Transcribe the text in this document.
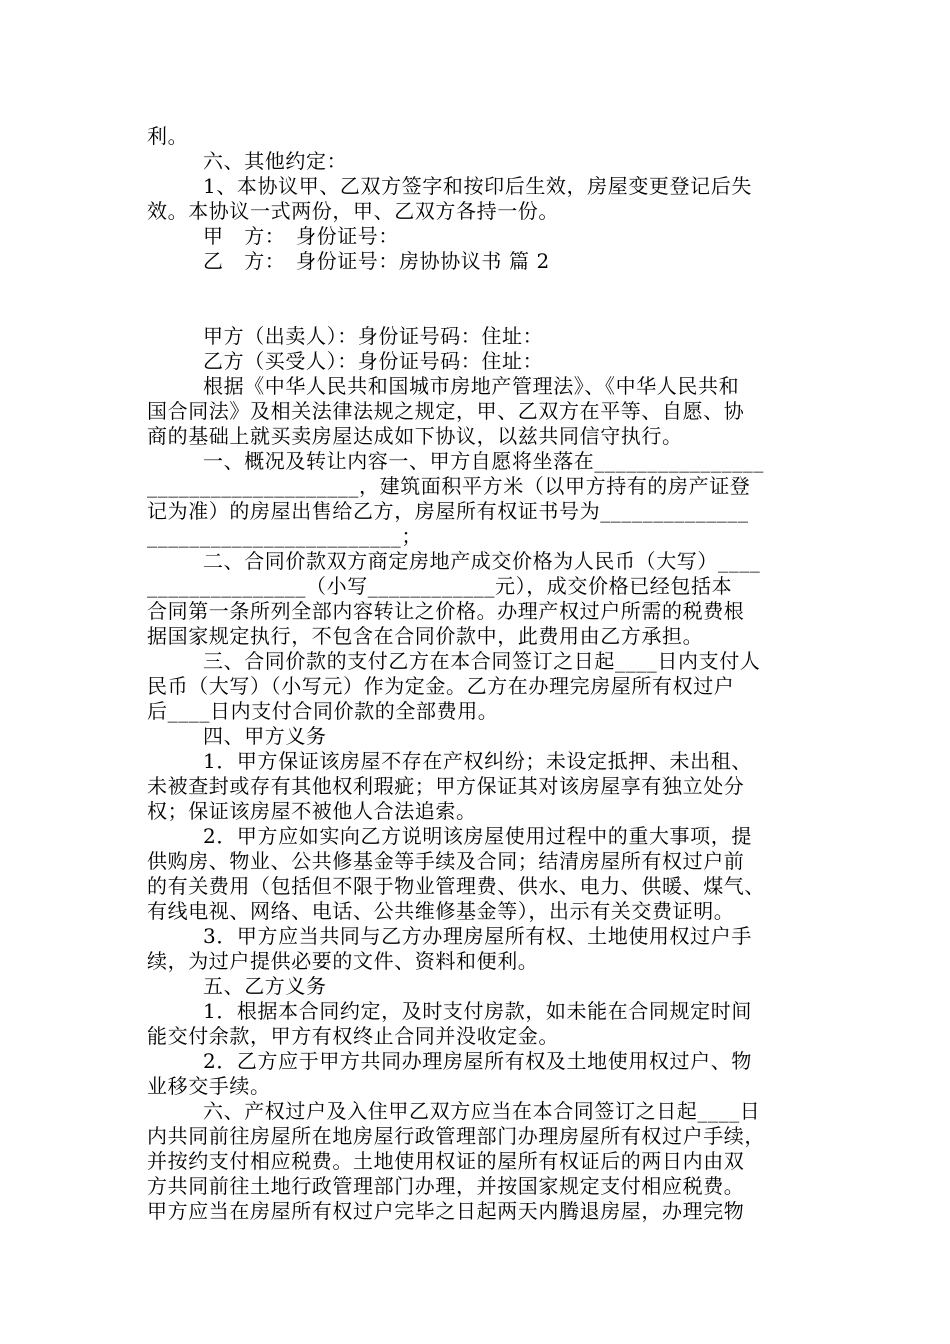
利。
六、其他约定：
1、本协议甲、乙双方签字和按印后生效，房屋变更登记后失
效。本协议一式两份，甲、乙双方各持一份。
甲　方：　身份证号：
乙　方：　身份证号：房协协议书 篇 2
甲方（出卖人）：身份证号码：住址：
乙方（买受人）：身份证号码：住址：
根据《中华人民共和国城市房地产管理法》、《中华人民共和
国合同法》及相关法律法规之规定，甲、乙双方在平等、自愿、协
商的基础上就买卖房屋达成如下协议，以兹共同信守执行。
一、概况及转让内容一、甲方自愿将坐落在________________
____________________，建筑面积平方米（以甲方持有的房产证登
记为准）的房屋出售给乙方，房屋所有权证书号为______________
________________________；
二、合同价款双方商定房地产成交价格为人民币（大写）____
_______________（小写____________元），成交价格已经包括本
合同第一条所列全部内容转让之价格。办理产权过户所需的税费根
据国家规定执行，不包含在合同价款中，此费用由乙方承担。
三、合同价款的支付乙方在本合同签订之日起____日内支付人
民币（大写）（小写元）作为定金。乙方在办理完房屋所有权过户
后____日内支付合同价款的全部费用。
四、甲方义务
1．甲方保证该房屋不存在产权纠纷；未设定抵押、未出租、
未被查封或存有其他权利瑕疵；甲方保证其对该房屋享有独立处分
权；保证该房屋不被他人合法追索。
2．甲方应如实向乙方说明该房屋使用过程中的重大事项，提
供购房、物业、公共修基金等手续及合同；结清房屋所有权过户前
的有关费用（包括但不限于物业管理费、供水、电力、供暖、煤气、
有线电视、网络、电话、公共维修基金等），出示有关交费证明。
3．甲方应当共同与乙方办理房屋所有权、土地使用权过户手
续，为过户提供必要的文件、资料和便利。
五、乙方义务
1．根据本合同约定，及时支付房款，如未能在合同规定时间
能交付余款，甲方有权终止合同并没收定金。
2．乙方应于甲方共同办理房屋所有权及土地使用权过户、物
业移交手续。
六、产权过户及入住甲乙双方应当在本合同签订之日起____日
内共同前往房屋所在地房屋行政管理部门办理房屋所有权过户手续，
并按约支付相应税费。土地使用权证的屋所有权证后的两日内由双
方共同前往土地行政管理部门办理，并按国家规定支付相应税费。
甲方应当在房屋所有权过户完毕之日起两天内腾退房屋，办理完物
